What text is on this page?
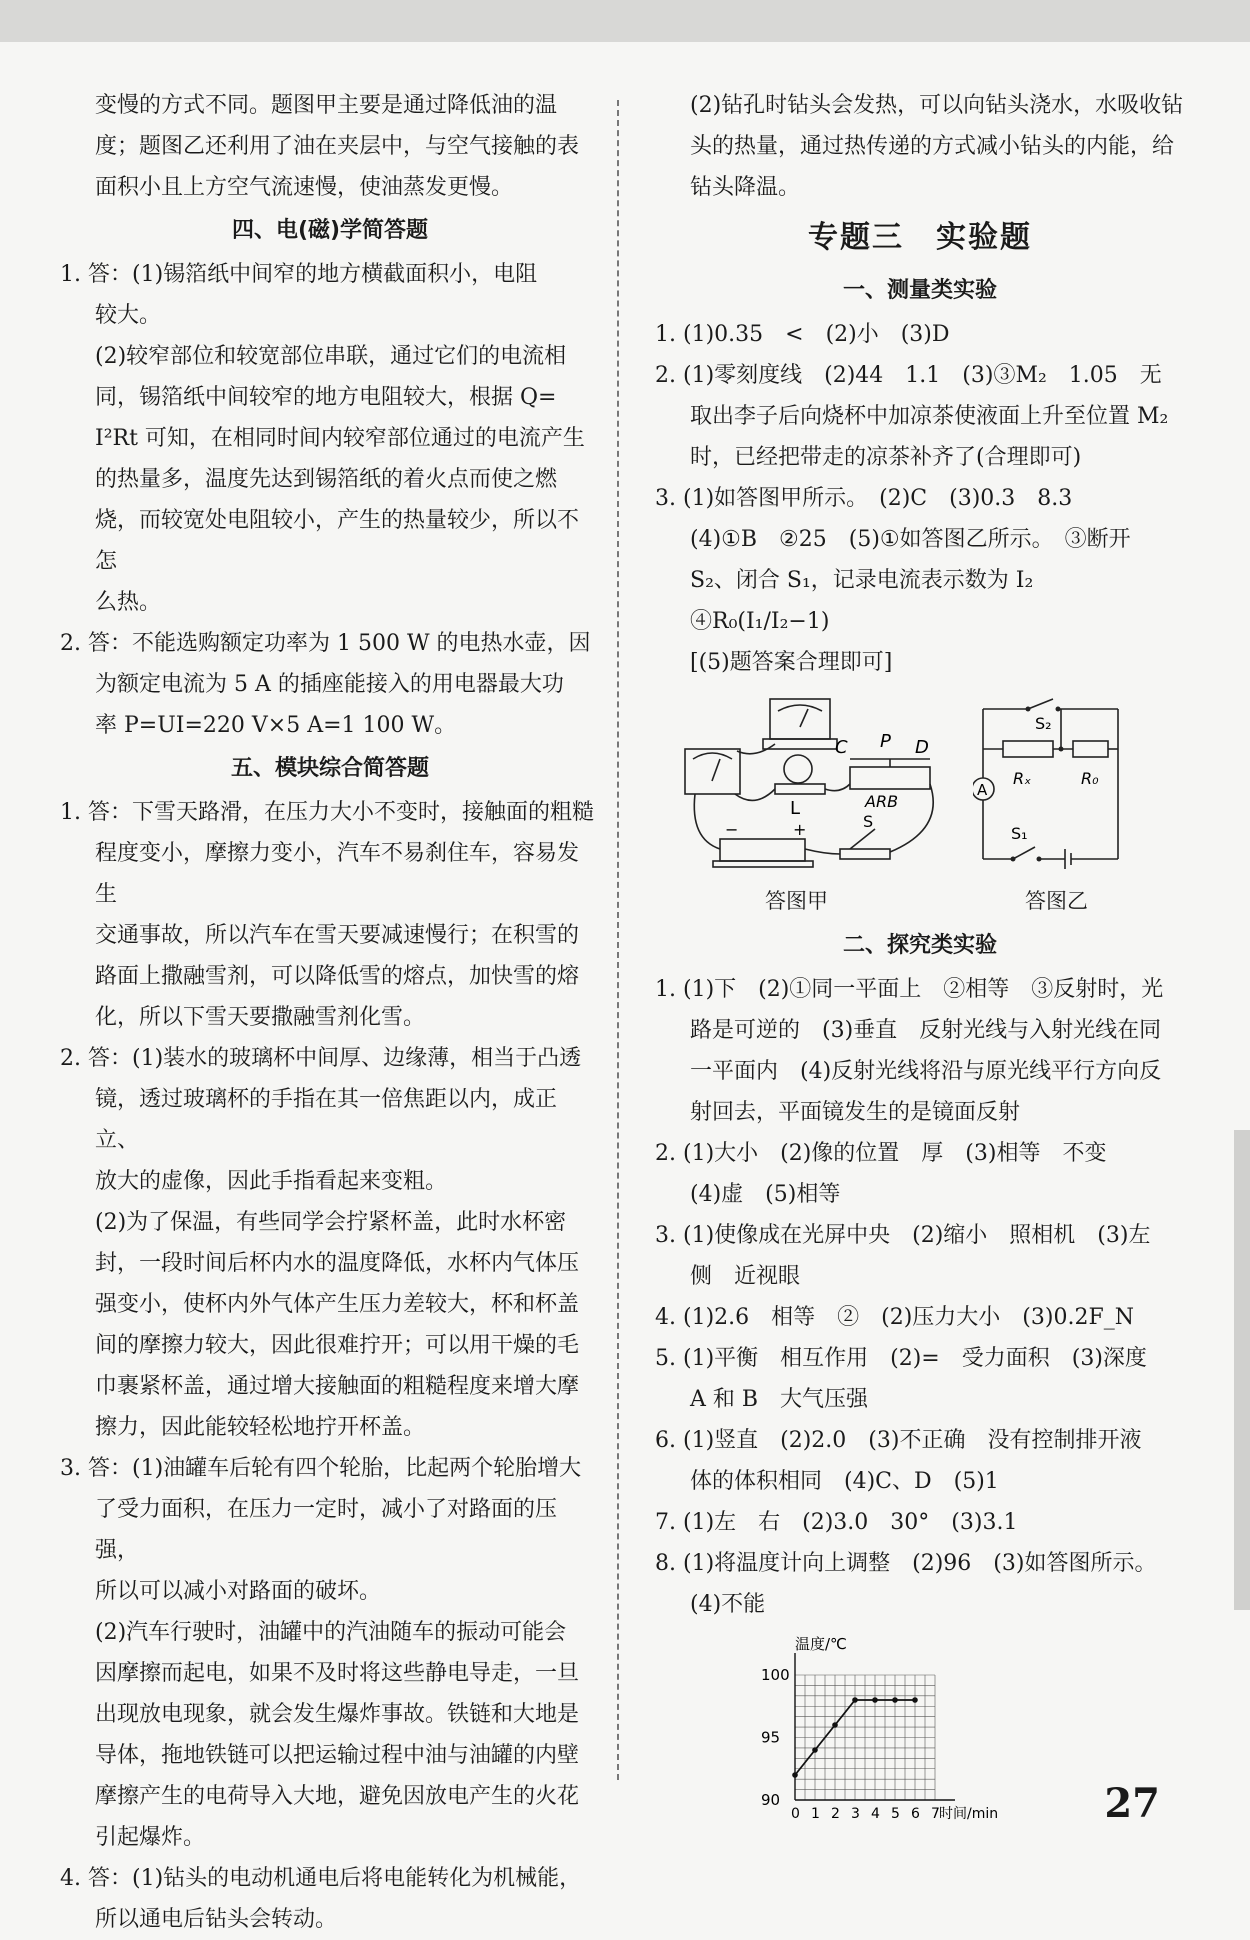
变慢的方式不同。题图甲主要是通过降低油的温

度；题图乙还利用了油在夹层中，与空气接触的表

面积小且上方空气流速慢，使油蒸发更慢。

四、电(磁)学简答题

1. 答：(1)锡箔纸中间窄的地方横截面积小，电阻

较大。

(2)较窄部位和较宽部位串联，通过它们的电流相

同，锡箔纸中间较窄的地方电阻较大，根据 Q=

I²Rt 可知，在相同时间内较窄部位通过的电流产生

的热量多，温度先达到锡箔纸的着火点而使之燃

烧，而较宽处电阻较小，产生的热量较少，所以不怎

么热。

2. 答：不能选购额定功率为 1 500 W 的电热水壶，因

为额定电流为 5 A 的插座能接入的用电器最大功

率 P=UI=220 V×5 A=1 100 W。

五、模块综合简答题

1. 答：下雪天路滑，在压力大小不变时，接触面的粗糙

程度变小，摩擦力变小，汽车不易刹住车，容易发生

交通事故，所以汽车在雪天要减速慢行；在积雪的

路面上撒融雪剂，可以降低雪的熔点，加快雪的熔

化，所以下雪天要撒融雪剂化雪。

2. 答：(1)装水的玻璃杯中间厚、边缘薄，相当于凸透

镜，透过玻璃杯的手指在其一倍焦距以内，成正立、

放大的虚像，因此手指看起来变粗。

(2)为了保温，有些同学会拧紧杯盖，此时水杯密

封，一段时间后杯内水的温度降低，水杯内气体压

强变小，使杯内外气体产生压力差较大，杯和杯盖

间的摩擦力较大，因此很难拧开；可以用干燥的毛

巾裹紧杯盖，通过增大接触面的粗糙程度来增大摩

擦力，因此能较轻松地拧开杯盖。

3. 答：(1)油罐车后轮有四个轮胎，比起两个轮胎增大

了受力面积，在压力一定时，减小了对路面的压强，

所以可以减小对路面的破坏。

(2)汽车行驶时，油罐中的汽油随车的振动可能会

因摩擦而起电，如果不及时将这些静电导走，一旦

出现放电现象，就会发生爆炸事故。铁链和大地是

导体，拖地铁链可以把运输过程中油与油罐的内壁

摩擦产生的电荷导入大地，避免因放电产生的火花

引起爆炸。

4. 答：(1)钻头的电动机通电后将电能转化为机械能，

所以通电后钻头会转动。

(2)钻孔时钻头会发热，可以向钻头浇水，水吸收钻

头的热量，通过热传递的方式减小钻头的内能，给

钻头降温。

专题三　实验题

一、测量类实验

1. (1)0.35　<　(2)小　(3)D

2. (1)零刻度线　(2)44　1.1　(3)③M₂　1.05　无

取出李子后向烧杯中加凉茶使液面上升至位置 M₂

时，已经把带走的凉茶补齐了(合理即可)

3. (1)如答图甲所示。　(2)C　(3)0.3　8.3

(4)①B　②25　(5)①如答图乙所示。　③断开

S₂、闭合 S₁，记录电流表示数为 I₂　④R₀(I₁/I₂−1)

[(5)题答案合理即可]

C P D
L	ARB
S
−	+
答图甲
A
S₂
Rₓ	R₀
S₁
答图乙

二、探究类实验

1. (1)下　(2)①同一平面上　②相等　③反射时，光

路是可逆的　(3)垂直　反射光线与入射光线在同

一平面内　(4)反射光线将沿与原光线平行方向反

射回去，平面镜发生的是镜面反射

2. (1)大小　(2)像的位置　厚　(3)相等　不变

(4)虚　(5)相等

3. (1)使像成在光屏中央　(2)缩小　照相机　(3)左

侧　近视眼

4. (1)2.6　相等　②　(2)压力大小　(3)0.2F_N

5. (1)平衡　相互作用　(2)=　受力面积　(3)深度

A 和 B　大气压强

6. (1)竖直　(2)2.0　(3)不正确　没有控制排开液

体的体积相同　(4)C、D　(5)1

7. (1)左　右　(2)3.0　30°　(3)3.1

8. (1)将温度计向上调整　(2)96　(3)如答图所示。

(4)不能

0 1 2 3 4 5 6 7
90
95
100
温度/℃
时间/min	27
